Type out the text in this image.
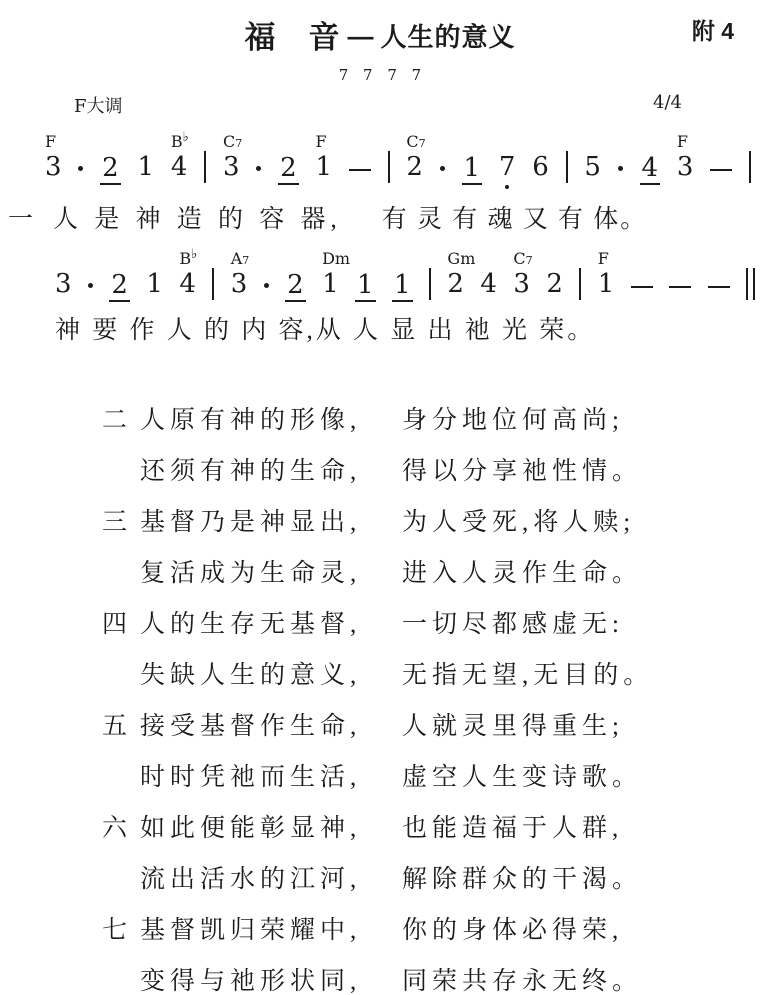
福　音 — 人生的意义	附 4
7 7 7 7
F大调	4/4
3
F
2 1 4
B♭
3
C7
2 1
F
2
C7
1 7 6 5 4 3
F
一 人 是 神 造 的 容 器, 有 灵 有 魂 又 有 体。
3 2 1 4
B♭
3
A7
2 1
Dm
1 1 2
Gm
4 3
C7
2 1
F
神 要 作 人 的 内 容,从 人 显 出 祂 光 荣。
二 人原有神的形像,	身分地位何高尚;
还须有神的生命,	得以分享祂性情。
三 基督乃是神显出,	为人受死,将人赎;
复活成为生命灵,	进入人灵作生命。
四 人的生存无基督,	一切尽都感虚无:
失缺人生的意义,	无指无望,无目的。
五 接受基督作生命,	人就灵里得重生;
时时凭祂而生活,	虚空人生变诗歌。
六 如此便能彰显神,	也能造福于人群,
流出活水的江河,	解除群众的干渴。
七 基督凯归荣耀中,	你的身体必得荣,
变得与祂形状同,	同荣共存永无终。
